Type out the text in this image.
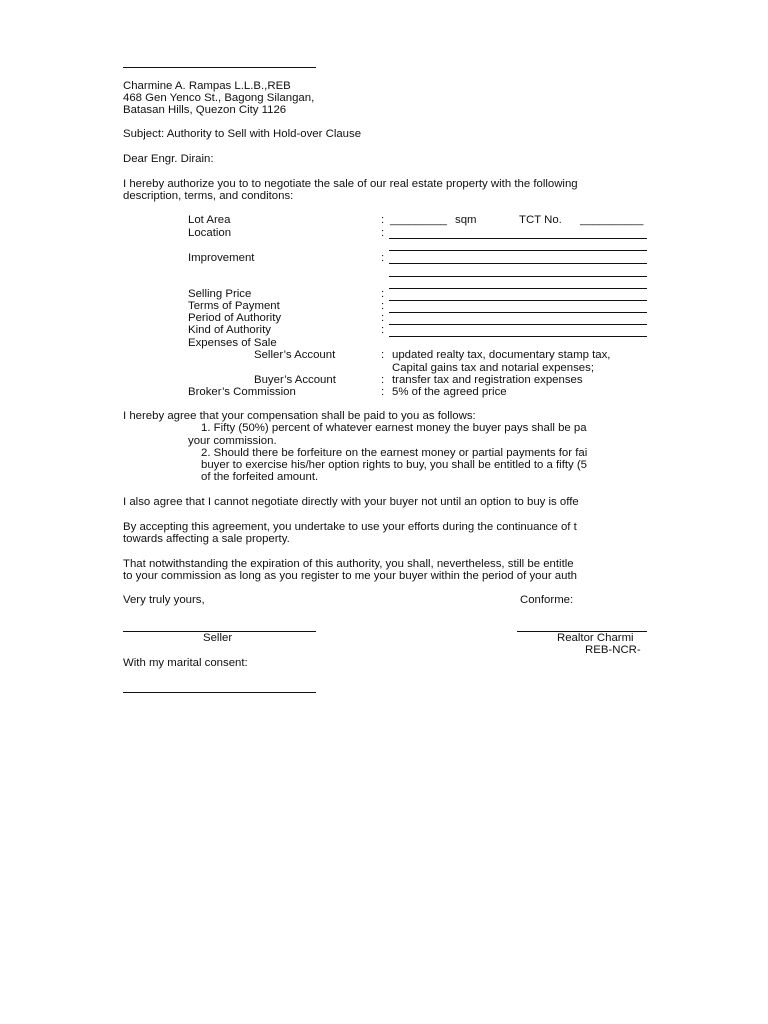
Charmine A. Rampas L.L.B.,REB
468 Gen Yenco St., Bagong Silangan,
Batasan Hills, Quezon City 1126
Subject: Authority to Sell with Hold-over Clause
Dear Engr. Dirain:
I hereby authorize you to to negotiate the sale of our real estate property with the following
description, terms, and conditons:
Lot Area	: _________ sqm	TCT No. __________
Location	:
Improvement	:
Selling Price	:
Terms of Payment	:
Period of Authority	:
Kind of Authority	:
Expenses of Sale
Seller’s Account	: updated realty tax, documentary stamp tax,
Capital gains tax and notarial expenses;
Buyer’s Account	: transfer tax and registration expenses
Broker’s Commission	: 5% of the agreed price
I hereby agree that your compensation shall be paid to you as follows:
1. Fifty (50%) percent of whatever earnest money the buyer pays shall be pa
your commission.
2. Should there be forfeiture on the earnest money or partial payments for fai
buyer to exercise his/her option rights to buy, you shall be entitled to a fifty (5
of the forfeited amount.
I also agree that I cannot negotiate directly with your buyer not until an option to buy is offe
By accepting this agreement, you undertake to use your efforts during the continuance of t
towards affecting a sale property.
That notwithstanding the expiration of this authority, you shall, nevertheless, still be entitle
to your commission as long as you register to me your buyer within the period of your auth
Very truly yours,	Conforme:
Seller	Realtor Charmi
REB-NCR-
With my marital consent:
